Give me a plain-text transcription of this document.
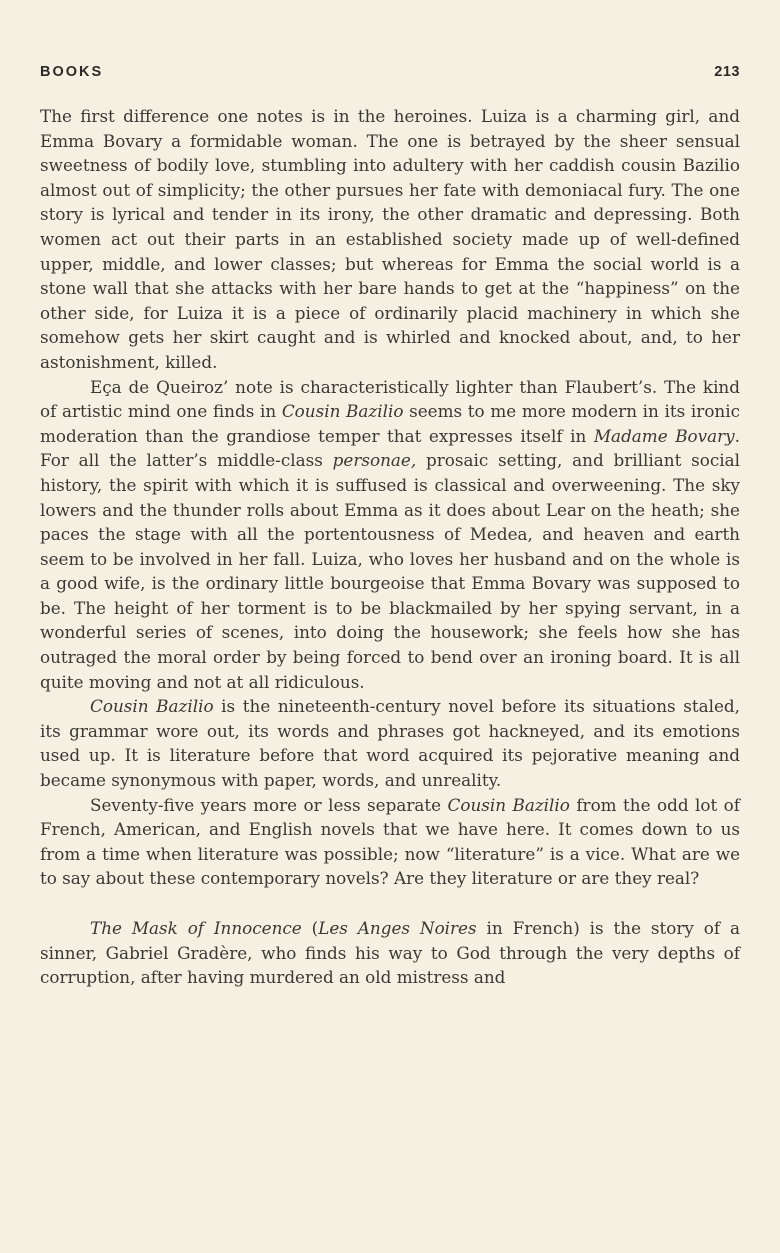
BOOKS	213

The first difference one notes is in the heroines. Luiza is a charming girl, and Emma Bovary a formidable woman. The one is betrayed by the sheer sensual sweetness of bodily love, stumbling into adultery with her caddish cousin Bazilio almost out of simplicity; the other pursues her fate with demoniacal fury. The one story is lyrical and tender in its irony, the other dramatic and depressing. Both women act out their parts in an established society made up of well-defined upper, middle, and lower classes; but whereas for Emma the social world is a stone wall that she attacks with her bare hands to get at the “happiness” on the other side, for Luiza it is a piece of ordinarily placid machinery in which she somehow gets her skirt caught and is whirled and knocked about, and, to her astonishment, killed.

Eça de Queiroz’ note is characteristically lighter than Flaubert’s. The kind of artistic mind one finds in Cousin Bazilio seems to me more modern in its ironic moderation than the grandiose temper that expresses itself in Madame Bovary. For all the latter’s middle-class personae, prosaic setting, and brilliant social history, the spirit with which it is suffused is classical and overweening. The sky lowers and the thunder rolls about Emma as it does about Lear on the heath; she paces the stage with all the portentousness of Medea, and heaven and earth seem to be involved in her fall. Luiza, who loves her husband and on the whole is a good wife, is the ordinary little bourgeoise that Emma Bovary was supposed to be. The height of her torment is to be blackmailed by her spying servant, in a wonderful series of scenes, into doing the housework; she feels how she has outraged the moral order by being forced to bend over an ironing board. It is all quite moving and not at all ridiculous.

Cousin Bazilio is the nineteenth-century novel before its situations staled, its grammar wore out, its words and phrases got hackneyed, and its emotions used up. It is literature before that word acquired its pejorative meaning and became synonymous with paper, words, and unreality.

Seventy-five years more or less separate Cousin Bazilio from the odd lot of French, American, and English novels that we have here. It comes down to us from a time when literature was possible; now “literature” is a vice. What are we to say about these contemporary novels? Are they literature or are they real?

The Mask of Innocence (Les Anges Noires in French) is the story of a sinner, Gabriel Gradère, who finds his way to God through the very depths of corruption, after having murdered an old mistress and
